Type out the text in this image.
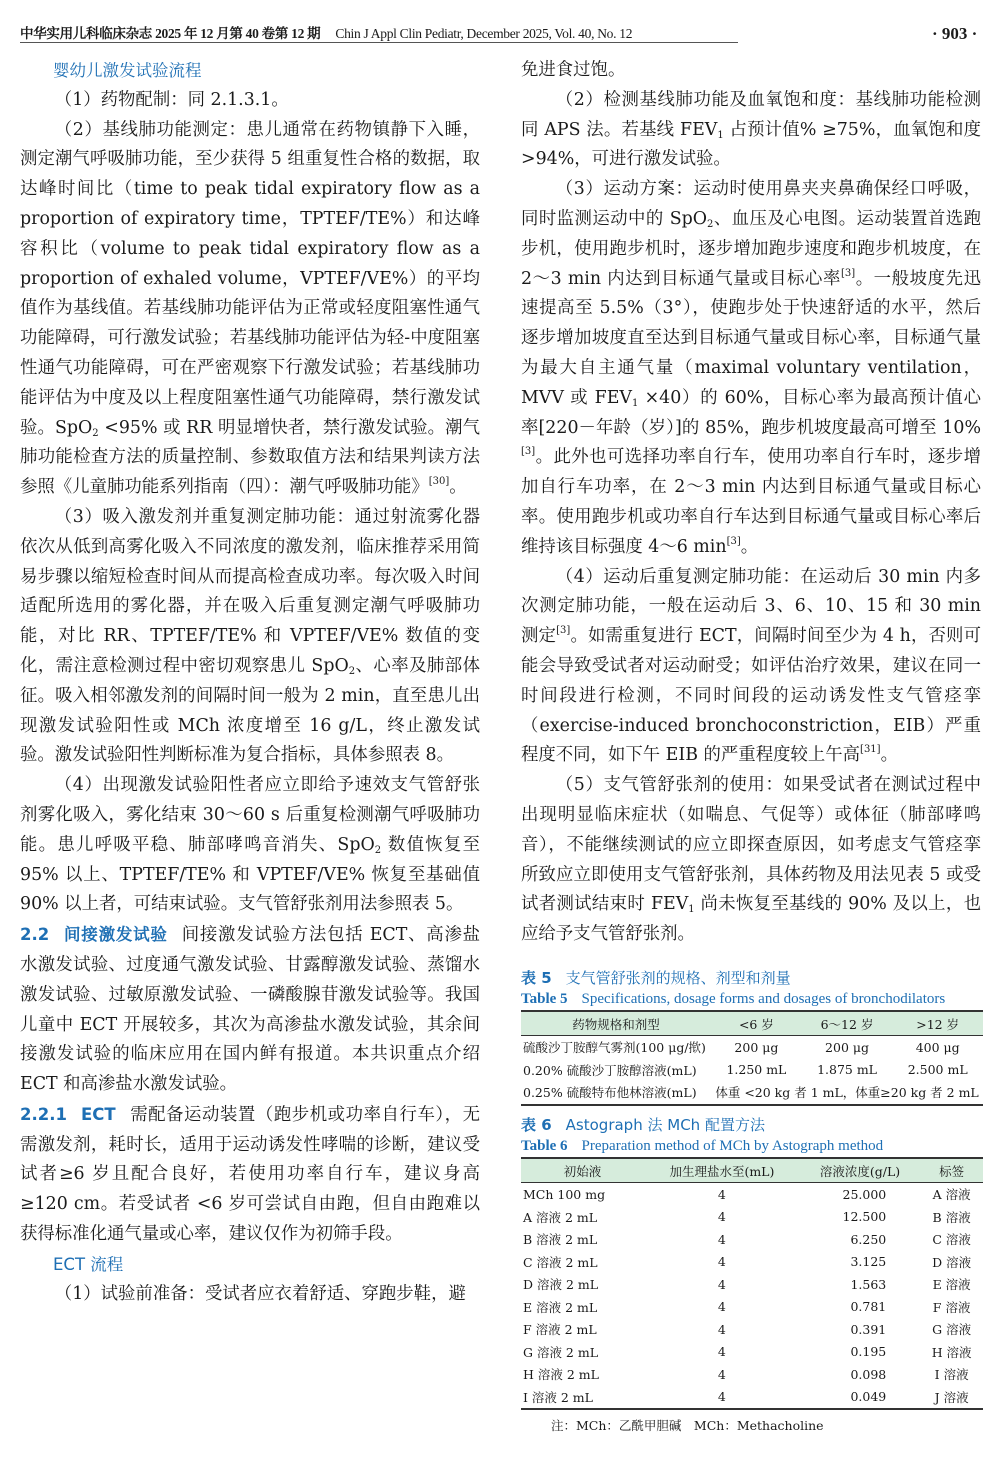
中华实用儿科临床杂志 2025 年 12 月第 40 卷第 12 期 Chin J Appl Clin Pediatr, December 2025, Vol. 40, No. 12	· 903 ·

婴幼儿激发试验流程

（1）药物配制：同 2.1.3.1。

（2）基线肺功能测定：患儿通常在药物镇静下入睡，测定潮气呼吸肺功能，至少获得 5 组重复性合格的数据，取达峰时间比（time to peak tidal expiratory flow as a proportion of expiratory time，TPTEF/TE%）和达峰容积比（volume to peak tidal expiratory flow as a proportion of exhaled volume，VPTEF/VE%）的平均值作为基线值。若基线肺功能评估为正常或轻度阻塞性通气功能障碍，可行激发试验；若基线肺功能评估为轻-中度阻塞性通气功能障碍，可在严密观察下行激发试验；若基线肺功能评估为中度及以上程度阻塞性通气功能障碍，禁行激发试验。SpO$_2$ <95% 或 RR 明显增快者，禁行激发试验。潮气肺功能检查方法的质量控制、参数取值方法和结果判读方法参照《儿童肺功能系列指南（四）：潮气呼吸肺功能》[30]。

（3）吸入激发剂并重复测定肺功能：通过射流雾化器依次从低到高雾化吸入不同浓度的激发剂，临床推荐采用简易步骤以缩短检查时间从而提高检查成功率。每次吸入时间适配所选用的雾化器，并在吸入后重复测定潮气呼吸肺功能，对比 RR、TPTEF/TE% 和 VPTEF/VE% 数值的变化，需注意检测过程中密切观察患儿 SpO$_2$、心率及肺部体征。吸入相邻激发剂的间隔时间一般为 2 min，直至患儿出现激发试验阳性或 MCh 浓度增至 16 g/L，终止激发试验。激发试验阳性判断标准为复合指标，具体参照表 8。

（4）出现激发试验阳性者应立即给予速效支气管舒张剂雾化吸入，雾化结束 30～60 s 后重复检测潮气呼吸肺功能。患儿呼吸平稳、肺部哮鸣音消失、SpO$_2$ 数值恢复至 95% 以上、TPTEF/TE% 和 VPTEF/VE% 恢复至基础值 90% 以上者，可结束试验。支气管舒张剂用法参照表 5。

2.2 间接激发试验 间接激发试验方法包括 ECT、高渗盐水激发试验、过度通气激发试验、甘露醇激发试验、蒸馏水激发试验、过敏原激发试验、一磷酸腺苷激发试验等。我国儿童中 ECT 开展较多，其次为高渗盐水激发试验，其余间接激发试验的临床应用在国内鲜有报道。本共识重点介绍 ECT 和高渗盐水激发试验。

2.2.1 ECT 需配备运动装置（跑步机或功率自行车），无需激发剂，耗时长，适用于运动诱发性哮喘的诊断，建议受试者≥6 岁且配合良好，若使用功率自行车，建议身高≥120 cm。若受试者 <6 岁可尝试自由跑，但自由跑难以获得标准化通气量或心率，建议仅作为初筛手段。

ECT 流程

（1）试验前准备：受试者应衣着舒适、穿跑步鞋，避

免进食过饱。

（2）检测基线肺功能及血氧饱和度：基线肺功能检测同 APS 法。若基线 $FEV_1$ 占预计值% ≥75%，血氧饱和度 >94%，可进行激发试验。

（3）运动方案：运动时使用鼻夹夹鼻确保经口呼吸，同时监测运动中的 SpO$_2$、血压及心电图。运动装置首选跑步机，使用跑步机时，逐步增加跑步速度和跑步机坡度，在 2～3 min 内达到目标通气量或目标心率[3]。一般坡度先迅速提高至 5.5%（3°），使跑步处于快速舒适的水平，然后逐步增加坡度直至达到目标通气量或目标心率，目标通气量为最大自主通气量（maximal voluntary ventilation，MVV 或 $FEV_1 \times 40$）的 60%，目标心率为最高预计值心率[220－年龄（岁）]的 85%，跑步机坡度最高可增至 10%[3]。此外也可选择功率自行车，使用功率自行车时，逐步增加自行车功率，在 2～3 min 内达到目标通气量或目标心率。使用跑步机或功率自行车达到目标通气量或目标心率后维持该目标强度 4～6 min[3]。

（4）运动后重复测定肺功能：在运动后 30 min 内多次测定肺功能，一般在运动后 3、6、10、15 和 30 min 测定[3]。如需重复进行 ECT，间隔时间至少为 4 h，否则可能会导致受试者对运动耐受；如评估治疗效果，建议在同一时间段进行检测，不同时间段的运动诱发性支气管痉挛（exercise-induced bronchoconstriction，EIB）严重程度不同，如下午 EIB 的严重程度较上午高[31]。

（5）支气管舒张剂的使用：如果受试者在测试过程中出现明显临床症状（如喘息、气促等）或体征（肺部哮鸣音），不能继续测试的应立即探查原因，如考虑支气管痉挛所致应立即使用支气管舒张剂，具体药物及用法见表 5 或受试者测试结束时 $FEV_1$ 尚未恢复至基线的 90% 及以上，也应给予支气管舒张剂。

表 5 支气管舒张剂的规格、剂型和剂量
Table 5 Specifications, dosage forms and dosages of bronchodilators
药物规格和剂型	<6 岁	6～12 岁	>12 岁
硫酸沙丁胺醇气雾剂(100 μg/揿)	200 μg	200 μg	400 μg
0.20% 硫酸沙丁胺醇溶液(mL)	1.250 mL	1.875 mL	2.500 mL
0.25% 硫酸特布他林溶液(mL)	体重 <20 kg 者 1 mL，体重≥20 kg 者 2 mL		
表 6 Astograph 法 MCh 配置方法
Table 6 Preparation method of MCh by Astograph method
初始液	加生理盐水至(mL)	溶液浓度(g/L)	标签
MCh 100 mg	4	25.000	A 溶液
A 溶液 2 mL	4	12.500	B 溶液
B 溶液 2 mL	4	6.250	C 溶液
C 溶液 2 mL	4	3.125	D 溶液
D 溶液 2 mL	4	1.563	E 溶液
E 溶液 2 mL	4	0.781	F 溶液
F 溶液 2 mL	4	0.391	G 溶液
G 溶液 2 mL	4	0.195	H 溶液
H 溶液 2 mL	4	0.098	I 溶液
I 溶液 2 mL	4	0.049	J 溶液
注：MCh：乙酰甲胆碱　MCh：Methacholine
